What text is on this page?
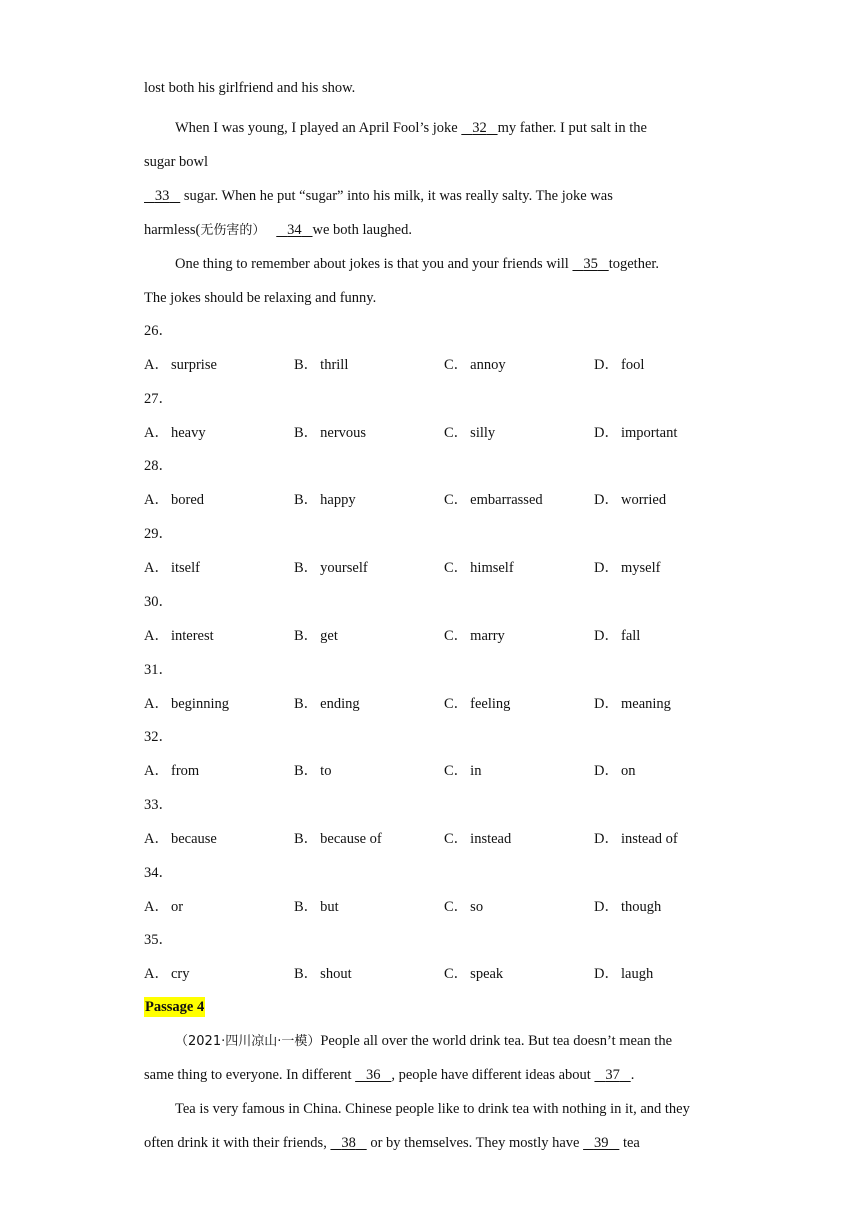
lost both his girlfriend and his show.
When I was young, I played an April Fool’s joke    32 my father. I put salt in the
sugar bowl
33    sugar. When he put “sugar” into his milk, it was really salty. The joke was
harmless(无伤害的） 34 we both laughed.
One thing to remember about jokes is that you and your friends will    35 together.
The jokes should be relaxing and funny.
26．
A． surprise	B． thrill	C． annoy	D． fool
27．
A． heavy	B． nervous	C． silly	D． important
28．
A． bored	B． happy	C． embarrassed	D． worried
29．
A． itself	B． yourself	C． himself	D． myself
30．
A． interest	B． get	C． marry	D． fall
31．
A． beginning	B． ending	C． feeling	D． meaning
32．
A． from	B． to	C． in	D． on
33．
A． because	B． because of	C． instead	D． instead of
34．
A． or	B． but	C． so	D． though
35．
A． cry	B． shout	C． speak	D． laugh
Passage 4
（2021·四川凉山·一模）People all over the world drink tea. But tea doesn’t mean the
same thing to everyone. In different    36 , people have different ideas about    37 .
Tea is very famous in China. Chinese people like to drink tea with nothing in it, and they
often drink it with their friends,    38    or by themselves. They mostly have    39    tea
